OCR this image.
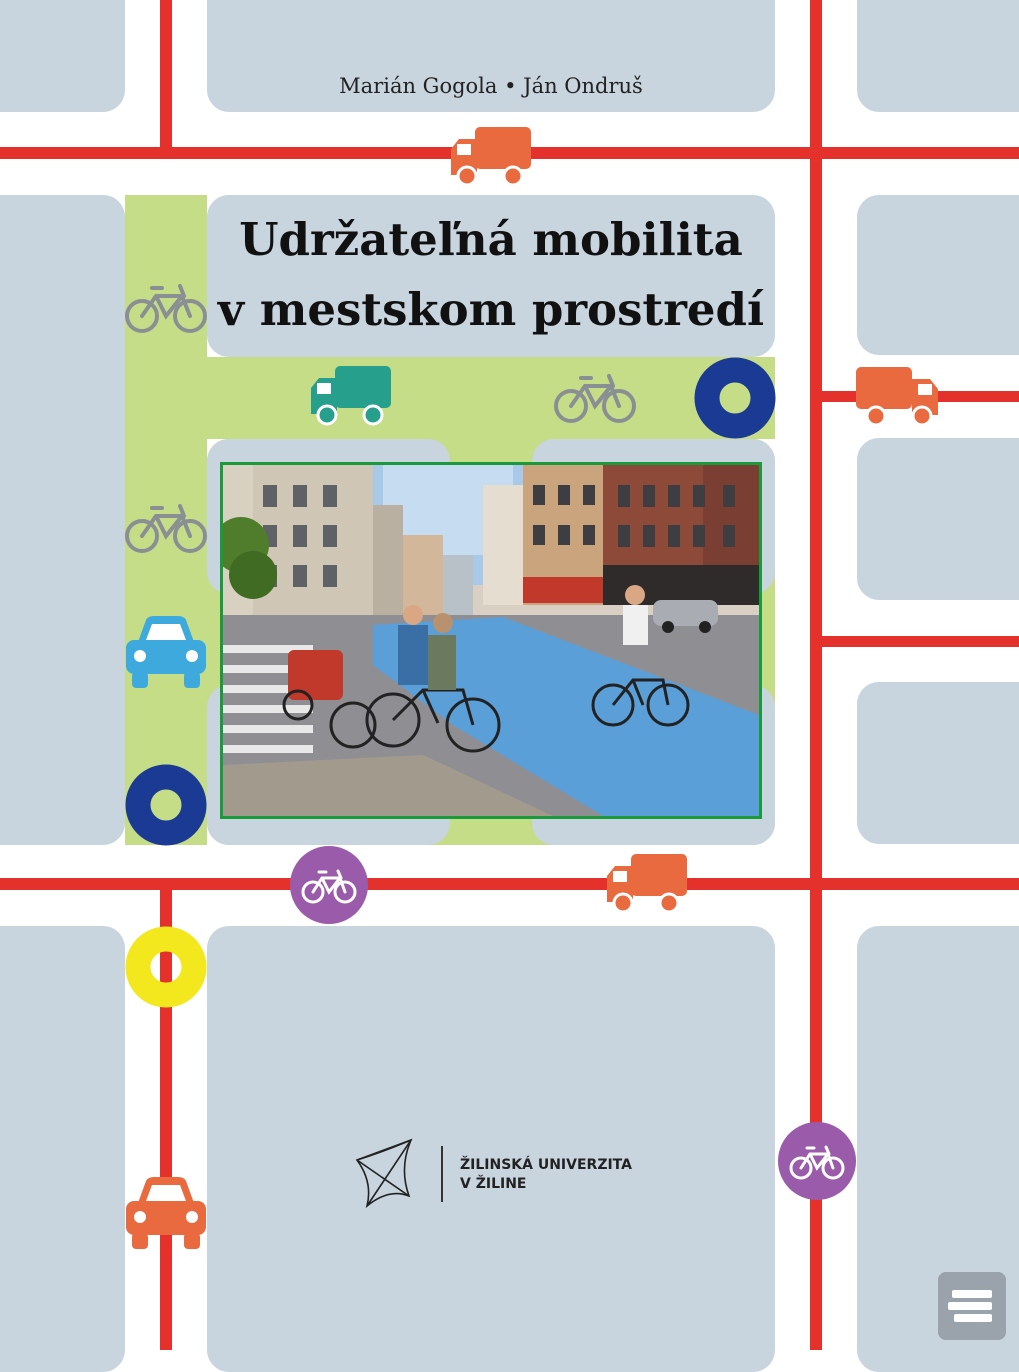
Marián Gogola • Ján Ondruš
Udržateľná mobilita
v mestskom prostredí
ŽILINSKÁ UNIVERZITA
V ŽILINE
